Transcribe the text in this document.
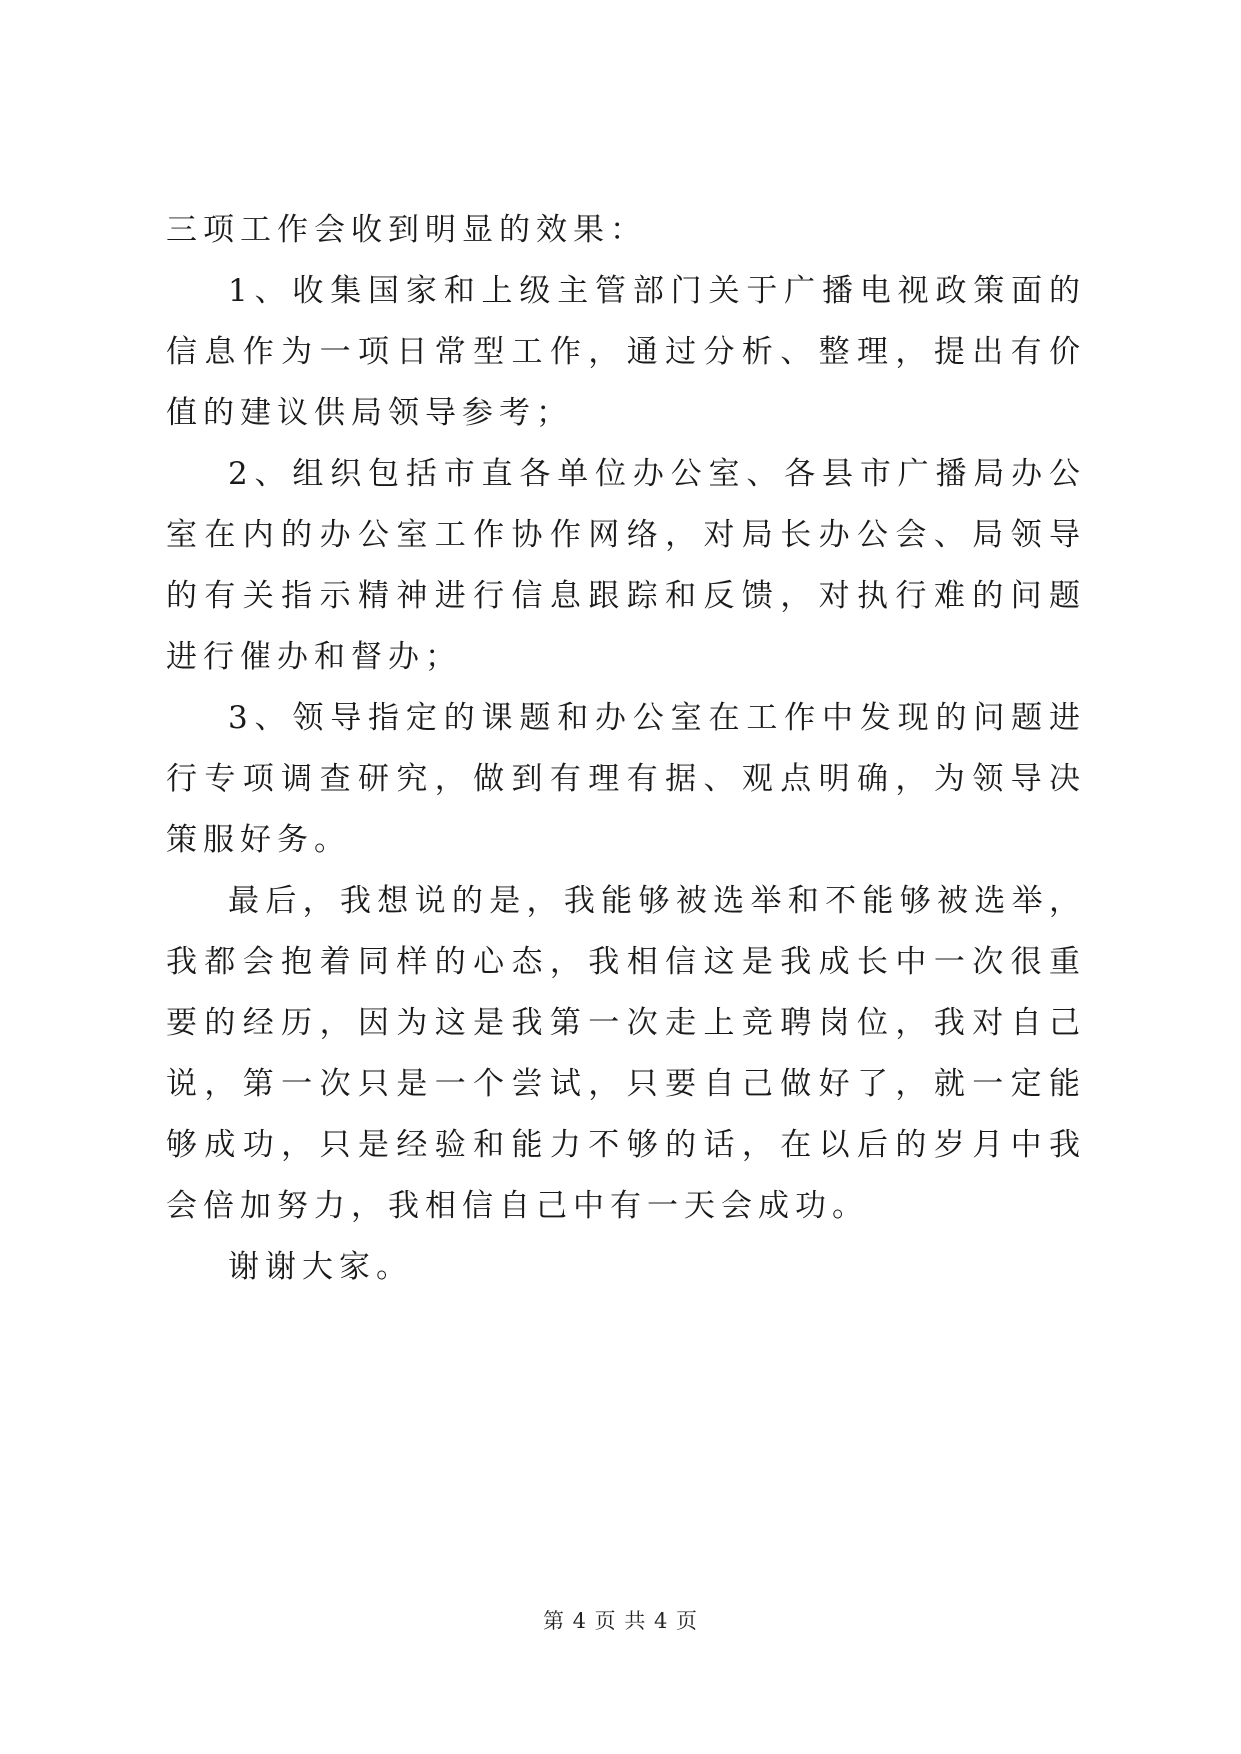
三项工作会收到明显的效果：

1、收集国家和上级主管部门关于广播电视政策面的信息作为一项日常型工作，通过分析、整理，提出有价值的建议供局领导参考；

2、组织包括市直各单位办公室、各县市广播局办公室在内的办公室工作协作网络，对局长办公会、局领导的有关指示精神进行信息跟踪和反馈，对执行难的问题进行催办和督办；

3、领导指定的课题和办公室在工作中发现的问题进行专项调查研究，做到有理有据、观点明确，为领导决策服好务。

最后，我想说的是，我能够被选举和不能够被选举，我都会抱着同样的心态，我相信这是我成长中一次很重要的经历，因为这是我第一次走上竞聘岗位，我对自己说，第一次只是一个尝试，只要自己做好了，就一定能够成功，只是经验和能力不够的话，在以后的岁月中我会倍加努力，我相信自己中有一天会成功。

谢谢大家。

第 4 页 共 4 页
